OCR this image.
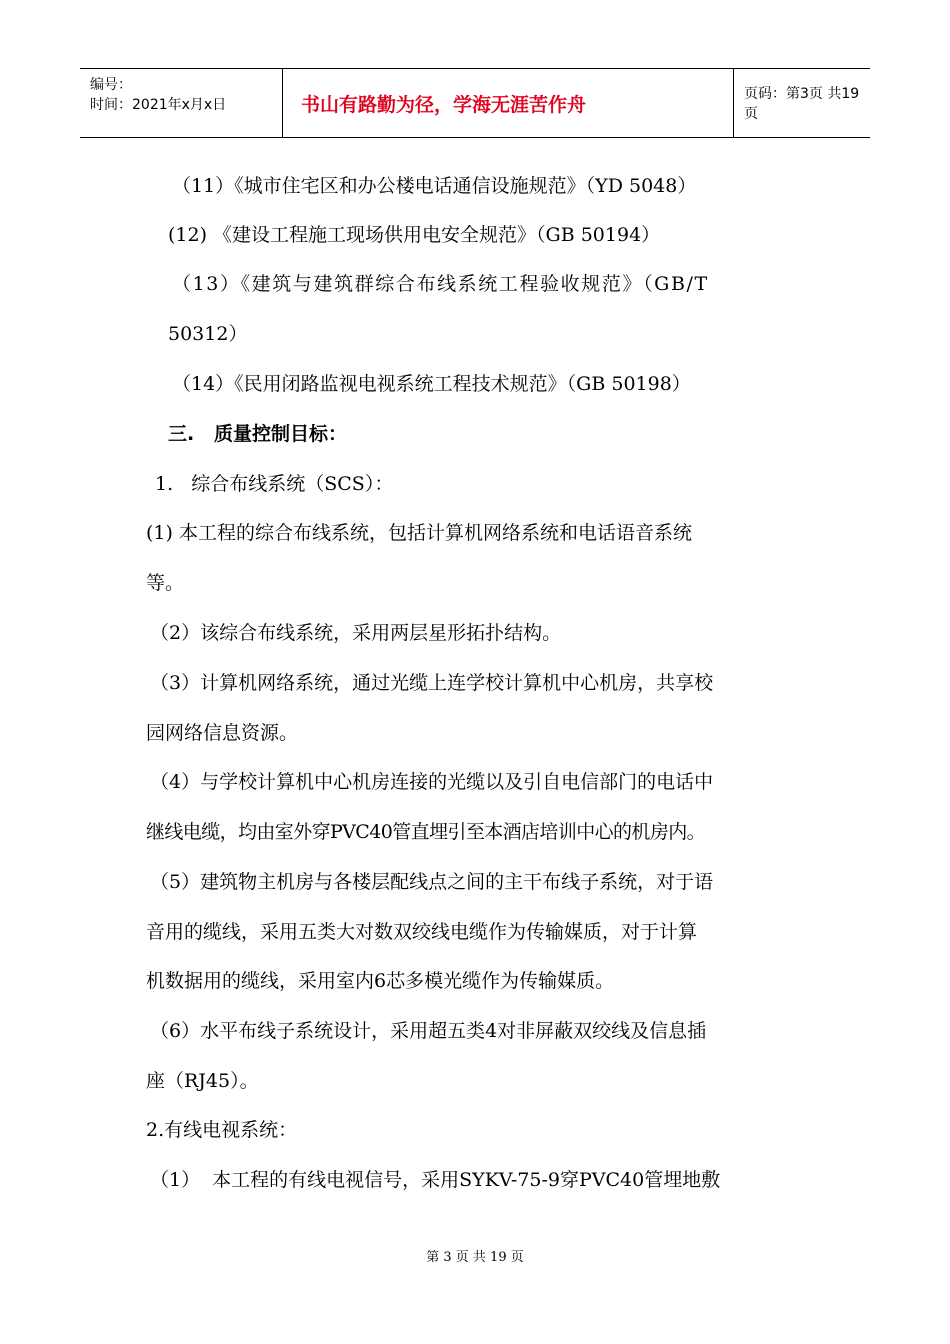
编号：
时间：2021年x月x日	书山有路勤为径，学海无涯苦作舟	页码：第3页 共19页
（11）《城市住宅区和办公楼电话通信设施规范》（YD 5048）
(12) 《建设工程施工现场供用电安全规范》（GB 50194）
（13）《建筑与建筑群综合布线系统工程验收规范》（GB/T
50312）
（14）《民用闭路监视电视系统工程技术规范》（GB 50198）
三.   质量控制目标：
1.   综合布线系统（SCS）：
(1) 本工程的综合布线系统，包括计算机网络系统和电话语音系统
等。
（2）该综合布线系统，采用两层星形拓扑结构。
（3）计算机网络系统，通过光缆上连学校计算机中心机房，共享校
园网络信息资源。
（4）与学校计算机中心机房连接的光缆以及引自电信部门的电话中
继线电缆，均由室外穿PVC40管直埋引至本酒店培训中心的机房内。
（5）建筑物主机房与各楼层配线点之间的主干布线子系统，对于语
音用的缆线，采用五类大对数双绞线电缆作为传输媒质，对于计算
机数据用的缆线，采用室内6芯多模光缆作为传输媒质。
（6）水平布线子系统设计，采用超五类4对非屏蔽双绞线及信息插
座（RJ45）。
2.有线电视系统：
（1）  本工程的有线电视信号，采用SYKV-75-9穿PVC40管埋地敷
第 3 页 共 19 页
